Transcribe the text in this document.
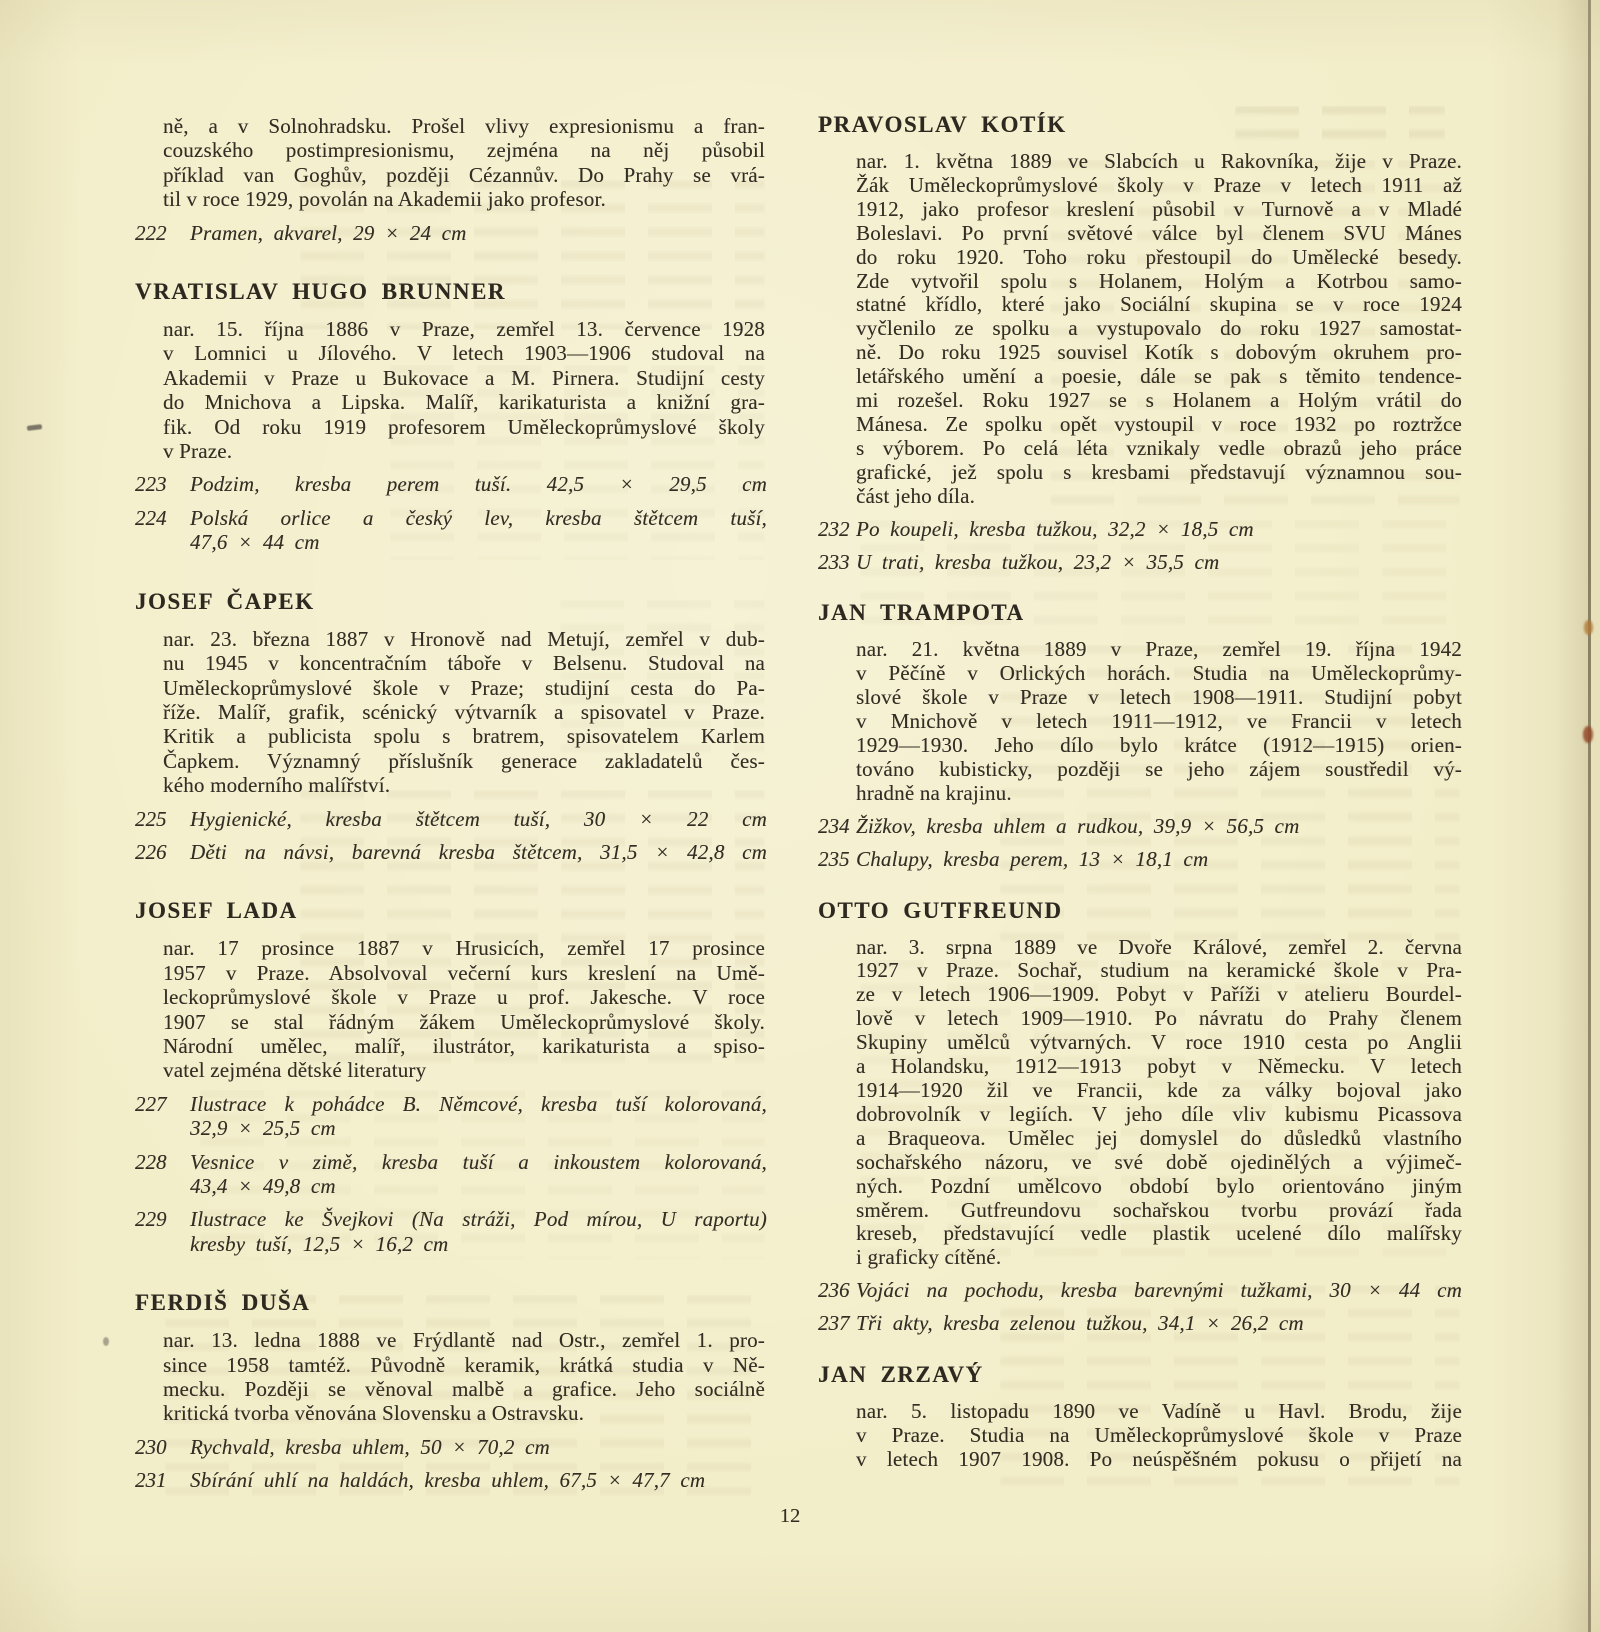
ně, a v Solnohradsku. Prošel vlivy expresionismu a fran-
couzského postimpresionismu, zejména na něj působil
příklad van Goghův, později Cézannův. Do Prahy se vrá-
til v roce 1929, povolán na Akademii jako profesor.
222 Pramen, akvarel, 29 × 24 cm
VRATISLAV HUGO BRUNNER
nar. 15. října 1886 v Praze, zemřel 13. července 1928
v Lomnici u Jílového. V letech 1903—1906 studoval na
Akademii v Praze u Bukovace a M. Pirnera. Studijní cesty
do Mnichova a Lipska. Malíř, karikaturista a knižní gra-
fik. Od roku 1919 profesorem Uměleckoprůmyslové školy
v Praze.
223 Podzim, kresba perem tuší. 42,5 × 29,5 cm
224 Polská orlice a český lev, kresba štětcem tuší,
47,6 × 44 cm
JOSEF ČAPEK
nar. 23. března 1887 v Hronově nad Metují, zemřel v dub-
nu 1945 v koncentračním táboře v Belsenu. Studoval na
Uměleckoprůmyslové škole v Praze; studijní cesta do Pa-
říže. Malíř, grafik, scénický výtvarník a spisovatel v Praze.
Kritik a publicista spolu s bratrem, spisovatelem Karlem
Čapkem. Významný příslušník generace zakladatelů čes-
kého moderního malířství.
225 Hygienické, kresba štětcem tuší, 30 × 22 cm
226 Děti na návsi, barevná kresba štětcem, 31,5 × 42,8 cm
JOSEF LADA
nar. 17 prosince 1887 v Hrusicích, zemřel 17 prosince
1957 v Praze. Absolvoval večerní kurs kreslení na Umě-
leckoprůmyslové škole v Praze u prof. Jakesche. V roce
1907 se stal řádným žákem Uměleckoprůmyslové školy.
Národní umělec, malíř, ilustrátor, karikaturista a spiso-
vatel zejména dětské literatury
227 Ilustrace k pohádce B. Němcové, kresba tuší kolorovaná,
32,9 × 25,5 cm
228 Vesnice v zimě, kresba tuší a inkoustem kolorovaná,
43,4 × 49,8 cm
229 Ilustrace ke Švejkovi (Na stráži, Pod mírou, U raportu)
kresby tuší, 12,5 × 16,2 cm
FERDIŠ DUŠA
nar. 13. ledna 1888 ve Frýdlantě nad Ostr., zemřel 1. pro-
since 1958 tamtéž. Původně keramik, krátká studia v Ně-
mecku. Později se věnoval malbě a grafice. Jeho sociálně
kritická tvorba věnována Slovensku a Ostravsku.
230 Rychvald, kresba uhlem, 50 × 70,2 cm
231 Sbírání uhlí na haldách, kresba uhlem, 67,5 × 47,7 cm
PRAVOSLAV KOTÍK
nar. 1. května 1889 ve Slabcích u Rakovníka, žije v Praze.
Žák Uměleckoprůmyslové školy v Praze v letech 1911 až
1912, jako profesor kreslení působil v Turnově a v Mladé
Boleslavi. Po první světové válce byl členem SVU Mánes
do roku 1920. Toho roku přestoupil do Umělecké besedy.
Zde vytvořil spolu s Holanem, Holým a Kotrbou samo-
statné křídlo, které jako Sociální skupina se v roce 1924
vyčlenilo ze spolku a vystupovalo do roku 1927 samostat-
ně. Do roku 1925 souvisel Kotík s dobovým okruhem pro-
letářského umění a poesie, dále se pak s těmito tendence-
mi rozešel. Roku 1927 se s Holanem a Holým vrátil do
Mánesa. Ze spolku opět vystoupil v roce 1932 po roztržce
s výborem. Po celá léta vznikaly vedle obrazů jeho práce
grafické, jež spolu s kresbami představují významnou sou-
část jeho díla.
232 Po koupeli, kresba tužkou, 32,2 × 18,5 cm
233 U trati, kresba tužkou, 23,2 × 35,5 cm
JAN TRAMPOTA
nar. 21. května 1889 v Praze, zemřel 19. října 1942
v Pěčíně v Orlických horách. Studia na Uměleckoprůmy-
slové škole v Praze v letech 1908—1911. Studijní pobyt
v Mnichově v letech 1911—1912, ve Francii v letech
1929—1930. Jeho dílo bylo krátce (1912—1915) orien-
továno kubisticky, později se jeho zájem soustředil vý-
hradně na krajinu.
234 Žižkov, kresba uhlem a rudkou, 39,9 × 56,5 cm
235 Chalupy, kresba perem, 13 × 18,1 cm
OTTO GUTFREUND
nar. 3. srpna 1889 ve Dvoře Králové, zemřel 2. června
1927 v Praze. Sochař, studium na keramické škole v Pra-
ze v letech 1906—1909. Pobyt v Paříži v atelieru Bourdel-
lově v letech 1909—1910. Po návratu do Prahy členem
Skupiny umělců výtvarných. V roce 1910 cesta po Anglii
a Holandsku, 1912—1913 pobyt v Německu. V letech
1914—1920 žil ve Francii, kde za války bojoval jako
dobrovolník v legiích. V jeho díle vliv kubismu Picassova
a Braqueova. Umělec jej domyslel do důsledků vlastního
sochařského názoru, ve své době ojedinělých a výjimeč-
ných. Pozdní umělcovo období bylo orientováno jiným
směrem. Gutfreundovu sochařskou tvorbu provází řada
kreseb, představující vedle plastik ucelené dílo malířsky
i graficky cítěné.
236 Vojáci na pochodu, kresba barevnými tužkami, 30 × 44 cm
237 Tři akty, kresba zelenou tužkou, 34,1 × 26,2 cm
JAN ZRZAVÝ
nar. 5. listopadu 1890 ve Vadíně u Havl. Brodu, žije
v Praze. Studia na Uměleckoprůmyslové škole v Praze
v letech 1907 1908. Po neúspěšném pokusu o přijetí na
12
